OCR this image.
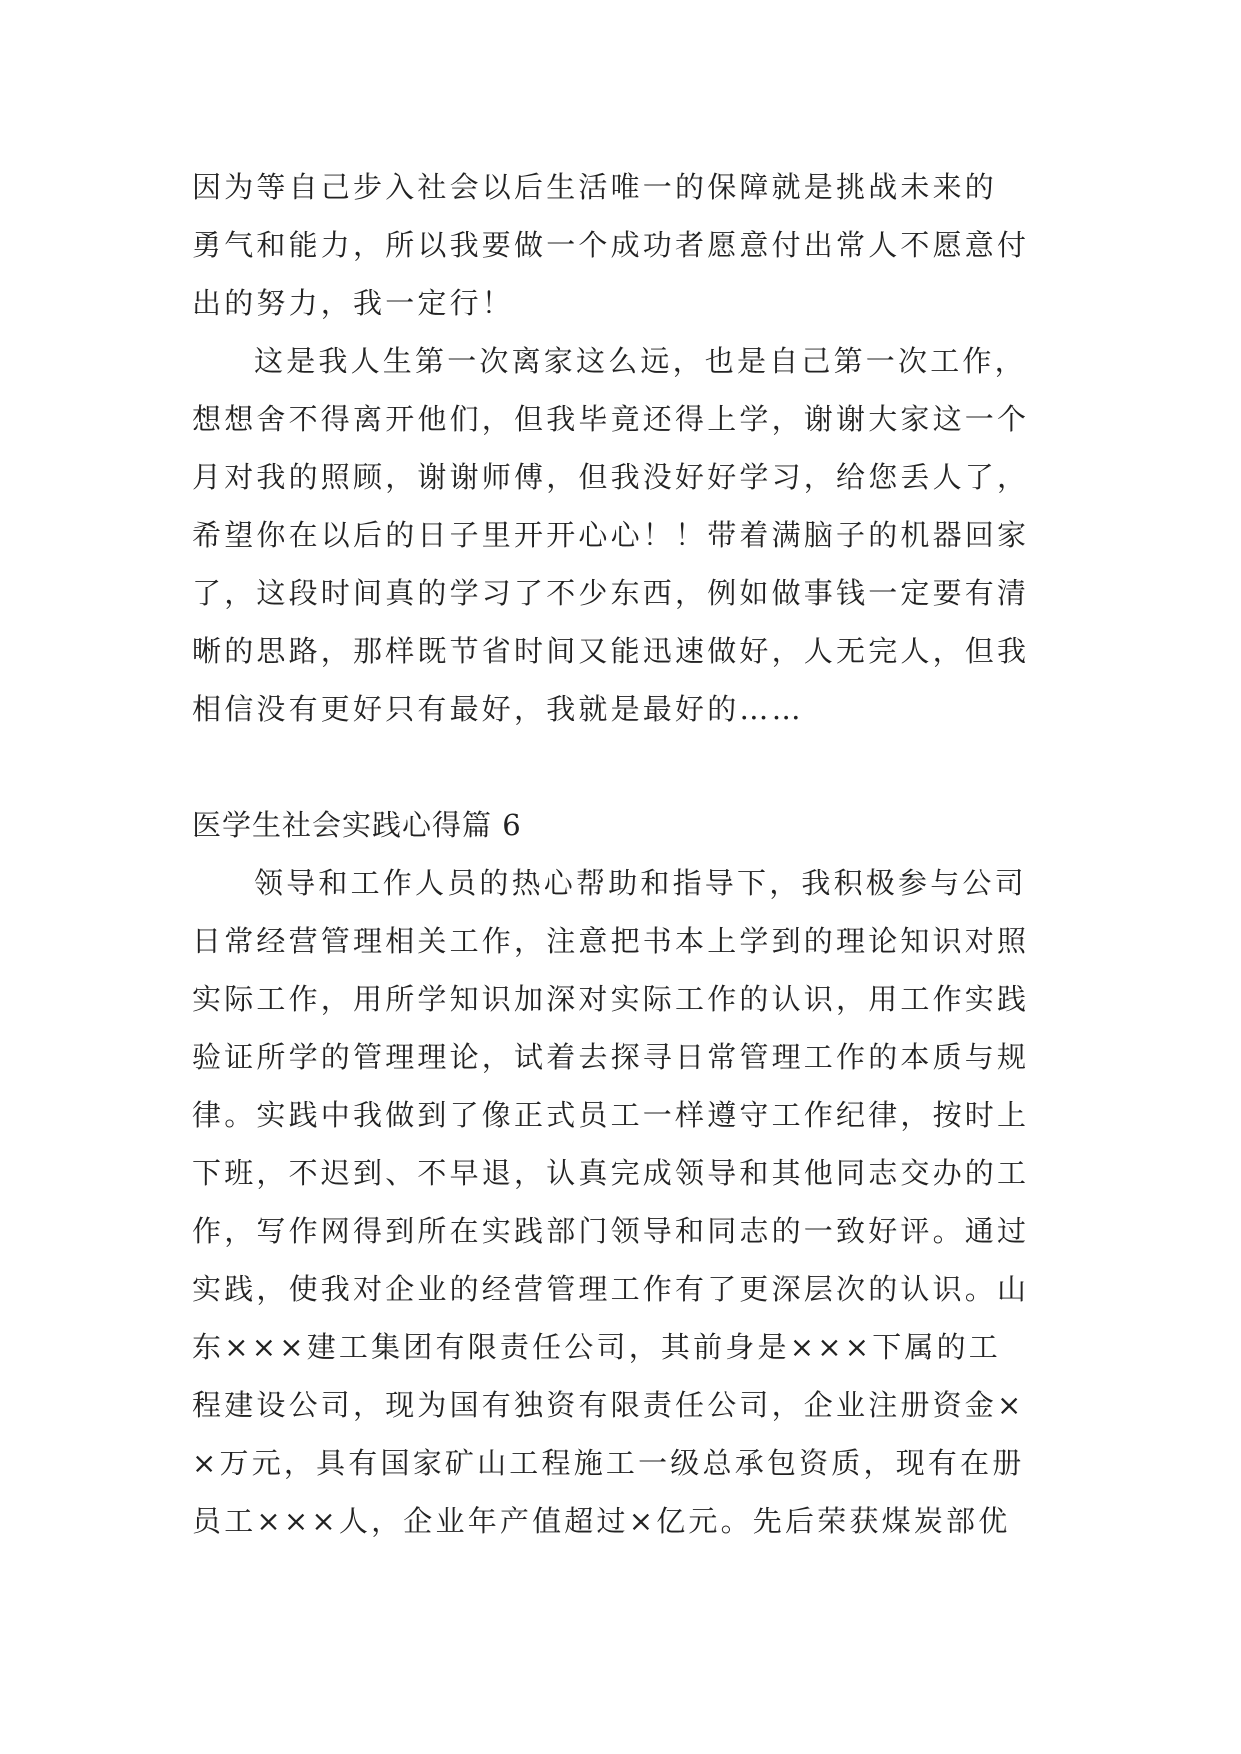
因为等自己步入社会以后生活唯一的保障就是挑战未来的
勇气和能力，所以我要做一个成功者愿意付出常人不愿意付
出的努力，我一定行！
这是我人生第一次离家这么远，也是自己第一次工作，
想想舍不得离开他们，但我毕竟还得上学，谢谢大家这一个
月对我的照顾，谢谢师傅，但我没好好学习，给您丢人了，
希望你在以后的日子里开开心心！！带着满脑子的机器回家
了，这段时间真的学习了不少东西，例如做事钱一定要有清
晰的思路，那样既节省时间又能迅速做好，人无完人，但我
相信没有更好只有最好，我就是最好的……
医学生社会实践心得篇 6
领导和工作人员的热心帮助和指导下，我积极参与公司
日常经营管理相关工作，注意把书本上学到的理论知识对照
实际工作，用所学知识加深对实际工作的认识，用工作实践
验证所学的管理理论，试着去探寻日常管理工作的本质与规
律。实践中我做到了像正式员工一样遵守工作纪律，按时上
下班，不迟到、不早退，认真完成领导和其他同志交办的工
作，写作网得到所在实践部门领导和同志的一致好评。通过
实践，使我对企业的经营管理工作有了更深层次的认识。山
东×××建工集团有限责任公司，其前身是×××下属的工
程建设公司，现为国有独资有限责任公司，企业注册资金×
×万元，具有国家矿山工程施工一级总承包资质，现有在册
员工×××人，企业年产值超过×亿元。先后荣获煤炭部优
